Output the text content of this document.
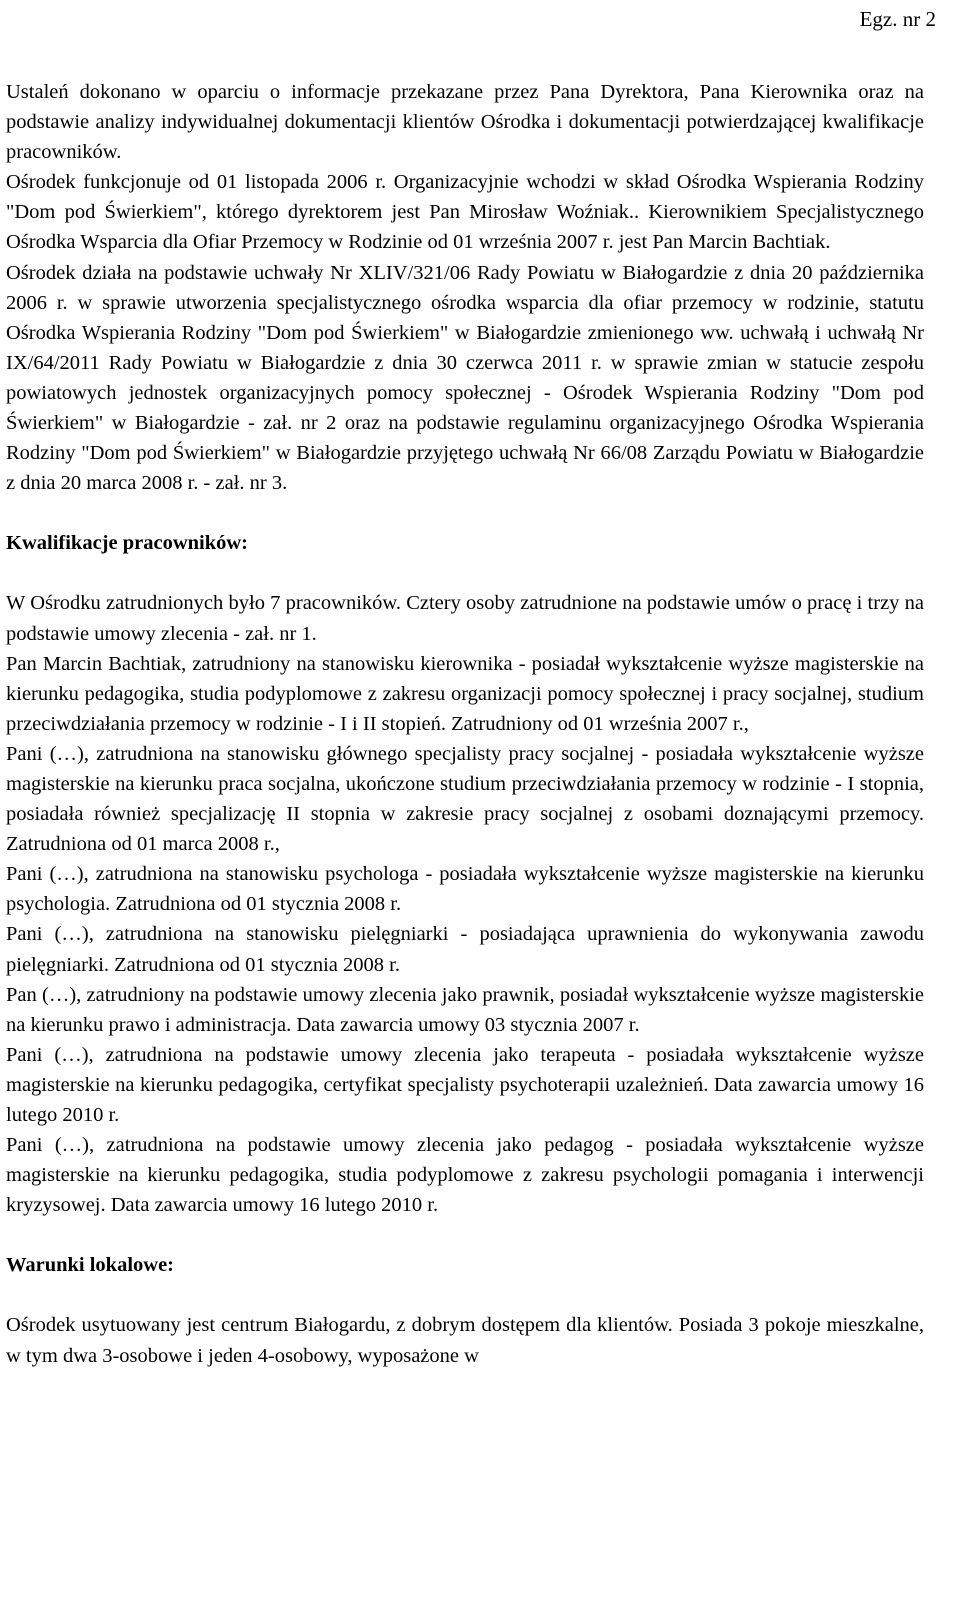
Egz. nr 2

Ustaleń dokonano w oparciu o informacje przekazane przez Pana Dyrektora, Pana Kierownika oraz na podstawie analizy indywidualnej dokumentacji klientów Ośrodka i dokumentacji potwierdzającej kwalifikacje pracowników.

Ośrodek funkcjonuje od 01 listopada 2006 r. Organizacyjnie wchodzi w skład Ośrodka Wspierania Rodziny "Dom pod Świerkiem", którego dyrektorem jest Pan Mirosław Woźniak.. Kierownikiem Specjalistycznego Ośrodka Wsparcia dla Ofiar Przemocy w Rodzinie od 01 września 2007 r. jest Pan Marcin Bachtiak.

Ośrodek działa na podstawie uchwały Nr XLIV/321/06 Rady Powiatu w Białogardzie z dnia 20 października 2006 r. w sprawie utworzenia specjalistycznego ośrodka wsparcia dla ofiar przemocy w rodzinie, statutu Ośrodka Wspierania Rodziny "Dom pod Świerkiem" w Białogardzie zmienionego ww. uchwałą i uchwałą Nr IX/64/2011 Rady Powiatu w Białogardzie z dnia 30 czerwca 2011 r. w sprawie zmian w statucie zespołu powiatowych jednostek organizacyjnych pomocy społecznej - Ośrodek Wspierania Rodziny "Dom pod Świerkiem" w Białogardzie - zał. nr 2 oraz na podstawie regulaminu organizacyjnego Ośrodka Wspierania Rodziny "Dom pod Świerkiem" w Białogardzie przyjętego uchwałą Nr 66/08 Zarządu Powiatu w Białogardzie z dnia 20 marca 2008 r. - zał. nr 3.

Kwalifikacje pracowników:

W Ośrodku zatrudnionych było 7 pracowników. Cztery osoby zatrudnione na podstawie umów o pracę i trzy na podstawie umowy zlecenia - zał. nr 1.

Pan Marcin Bachtiak, zatrudniony na stanowisku kierownika - posiadał wykształcenie wyższe magisterskie na kierunku pedagogika, studia podyplomowe z zakresu organizacji pomocy społecznej i pracy socjalnej, studium przeciwdziałania przemocy w rodzinie - I i II stopień. Zatrudniony od 01 września 2007 r.,

Pani (…), zatrudniona na stanowisku głównego specjalisty pracy socjalnej - posiadała wykształcenie wyższe magisterskie na kierunku praca socjalna, ukończone studium przeciwdziałania przemocy w rodzinie - I stopnia, posiadała również specjalizację II stopnia w zakresie pracy socjalnej z osobami doznającymi przemocy. Zatrudniona od 01 marca 2008 r.,

Pani (…), zatrudniona na stanowisku psychologa - posiadała wykształcenie wyższe magisterskie na kierunku psychologia. Zatrudniona od 01 stycznia 2008 r.

Pani (…), zatrudniona na stanowisku pielęgniarki - posiadająca uprawnienia do wykonywania zawodu pielęgniarki. Zatrudniona od 01 stycznia 2008 r.

Pan (…), zatrudniony na podstawie umowy zlecenia jako prawnik, posiadał wykształcenie wyższe magisterskie na kierunku prawo i administracja. Data zawarcia umowy 03 stycznia 2007 r.

Pani (…), zatrudniona na podstawie umowy zlecenia jako terapeuta - posiadała wykształcenie wyższe magisterskie na kierunku pedagogika, certyfikat specjalisty psychoterapii uzależnień. Data zawarcia umowy 16 lutego 2010 r.

Pani (…), zatrudniona na podstawie umowy zlecenia jako pedagog - posiadała wykształcenie wyższe magisterskie na kierunku pedagogika, studia podyplomowe z zakresu psychologii pomagania i interwencji kryzysowej. Data zawarcia umowy 16 lutego 2010 r.

Warunki lokalowe:

Ośrodek usytuowany jest centrum Białogardu, z dobrym dostępem dla klientów. Posiada 3 pokoje mieszkalne, w tym dwa 3-osobowe i jeden 4-osobowy, wyposażone w
